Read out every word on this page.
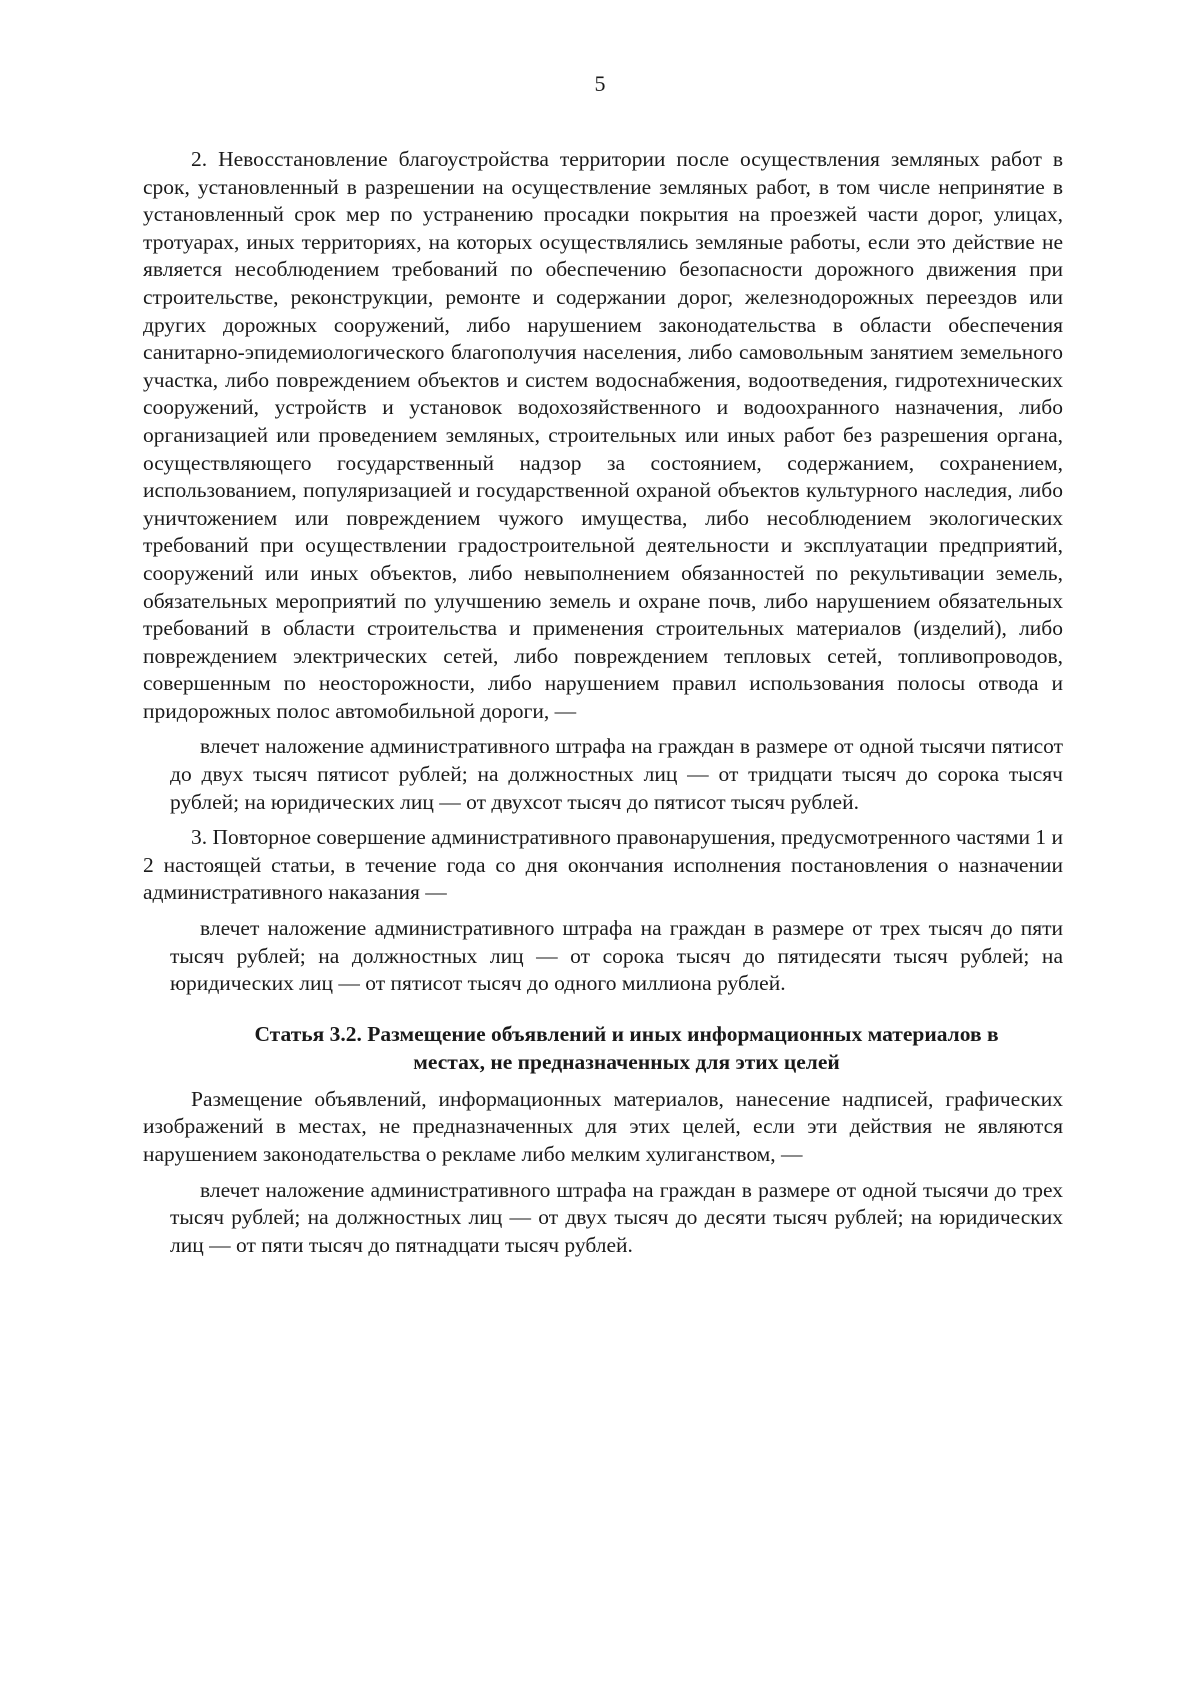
5

2. Невосстановление благоустройства территории после осуществления земляных работ в срок, установленный в разрешении на осуществление земляных работ, в том числе непринятие в установленный срок мер по устранению просадки покрытия на проезжей части дорог, улицах, тротуарах, иных территориях, на которых осуществлялись земляные работы, если это действие не является несоблюдением требований по обеспечению безопасности дорожного движения при строительстве, реконструкции, ремонте и содержании дорог, железнодорожных переездов или других дорожных сооружений, либо нарушением законодательства в области обеспечения санитарно-эпидемиологического благополучия населения, либо самовольным занятием земельного участка, либо повреждением объектов и систем водоснабжения, водоотведения, гидротехнических сооружений, устройств и установок водохозяйственного и водоохранного назначения, либо организацией или проведением земляных, строительных или иных работ без разрешения органа, осуществляющего государственный надзор за состоянием, содержанием, сохранением, использованием, популяризацией и государственной охраной объектов культурного наследия, либо уничтожением или повреждением чужого имущества, либо несоблюдением экологических требований при осуществлении градостроительной деятельности и эксплуатации предприятий, сооружений или иных объектов, либо невыполнением обязанностей по рекультивации земель, обязательных мероприятий по улучшению земель и охране почв, либо нарушением обязательных требований в области строительства и применения строительных материалов (изделий), либо повреждением электрических сетей, либо повреждением тепловых сетей, топливопроводов, совершенным по неосторожности, либо нарушением правил использования полосы отвода и придорожных полос автомобильной дороги, —

влечет наложение административного штрафа на граждан в размере от одной тысячи пятисот до двух тысяч пятисот рублей; на должностных лиц — от тридцати тысяч до сорока тысяч рублей; на юридических лиц — от двухсот тысяч до пятисот тысяч рублей.

3. Повторное совершение административного правонарушения, предусмотренного частями 1 и 2 настоящей статьи, в течение года со дня окончания исполнения постановления о назначении административного наказания —

влечет наложение административного штрафа на граждан в размере от трех тысяч до пяти тысяч рублей; на должностных лиц — от сорока тысяч до пятидесяти тысяч рублей; на юридических лиц — от пятисот тысяч до одного миллиона рублей.

Статья 3.2. Размещение объявлений и иных информационных материалов в
местах, не предназначенных для этих целей

Размещение объявлений, информационных материалов, нанесение надписей, графических изображений в местах, не предназначенных для этих целей, если эти действия не являются нарушением законодательства о рекламе либо мелким хулиганством, —

влечет наложение административного штрафа на граждан в размере от одной тысячи до трех тысяч рублей; на должностных лиц — от двух тысяч до десяти тысяч рублей; на юридических лиц — от пяти тысяч до пятнадцати тысяч рублей.
